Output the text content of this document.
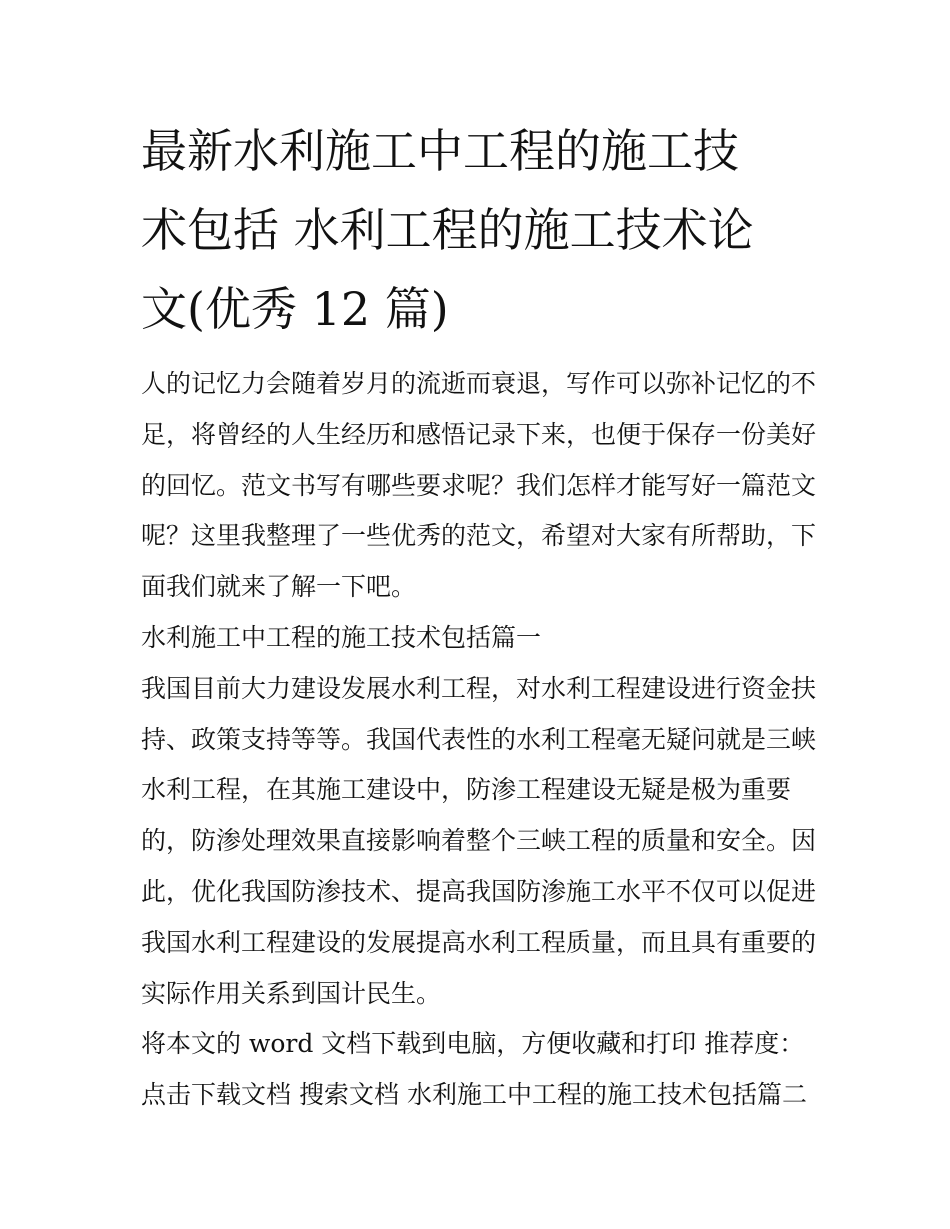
最新水利施工中工程的施工技
术包括 水利工程的施工技术论
文(优秀 12 篇)

人的记忆力会随着岁月的流逝而衰退，写作可以弥补记忆的不

足，将曾经的人生经历和感悟记录下来，也便于保存一份美好

的回忆。范文书写有哪些要求呢？我们怎样才能写好一篇范文

呢？这里我整理了一些优秀的范文，希望对大家有所帮助，下

面我们就来了解一下吧。

水利施工中工程的施工技术包括篇一

我国目前大力建设发展水利工程，对水利工程建设进行资金扶

持、政策支持等等。我国代表性的水利工程毫无疑问就是三峡

水利工程，在其施工建设中，防渗工程建设无疑是极为重要

的，防渗处理效果直接影响着整个三峡工程的质量和安全。因

此，优化我国防渗技术、提高我国防渗施工水平不仅可以促进

我国水利工程建设的发展提高水利工程质量，而且具有重要的

实际作用关系到国计民生。

将本文的 word 文档下载到电脑，方便收藏和打印 推荐度：

点击下载文档 搜索文档 水利施工中工程的施工技术包括篇二
